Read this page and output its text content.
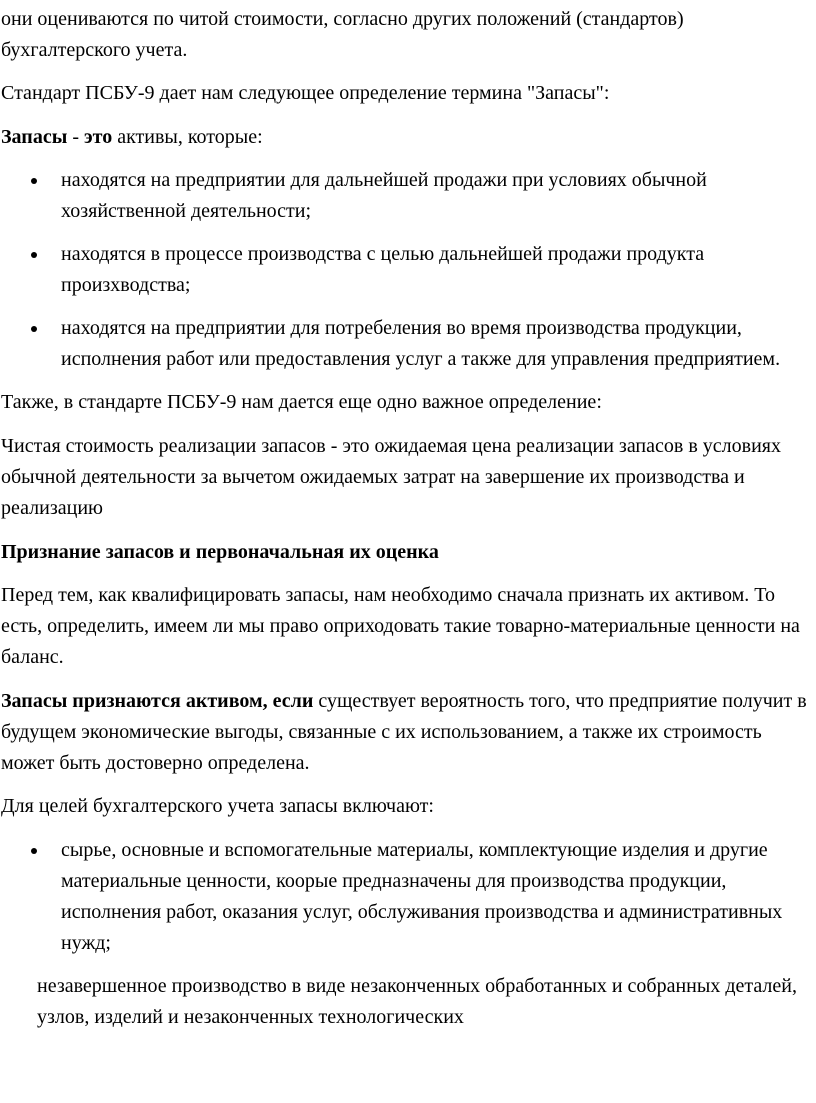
они оцениваются по читой стоимости, согласно других положений (стандартов) бухгалтерского учета.

Стандарт ПСБУ-9 дает нам следующее определение термина "Запасы":

Запасы - это активы, которые:

находятся на предприятии для дальнейшей продажи при условиях обычной хозяйственной деятельности;
находятся в процессе производства с целью дальнейшей продажи продукта произхводства;
находятся на предприятии для потребеления во время производства продукции, исполнения работ или предоставления услуг а также для управления предприятием.

Также, в стандарте ПСБУ-9 нам дается еще одно важное определение:

Чистая стоимость реализации запасов - это ожидаемая цена реализации запасов в условиях обычной деятельности за вычетом ожидаемых затрат на завершение их производства и реализацию

Признание запасов и первоначальная их оценка

Перед тем, как квалифицировать запасы, нам необходимо сначала признать их активом. То есть, определить, имеем ли мы право оприходовать такие товарно-материальные ценности на баланс.

Запасы признаются активом, если существует вероятность того, что предприятие получит в будущем экономические выгоды, связанные с их использованием, а также их строимость может быть достоверно определена.

Для целей бухгалтерского учета запасы включают:

сырье, основные и вспомогательные материалы, комплектующие изделия и другие материальные ценности, коорые предназначены для производства продукции, исполнения работ, оказания услуг, обслуживания производства и административных нужд;

незавершенное производство в виде незаконченных обработанных и собранных деталей, узлов, изделий и незаконченных технологических
